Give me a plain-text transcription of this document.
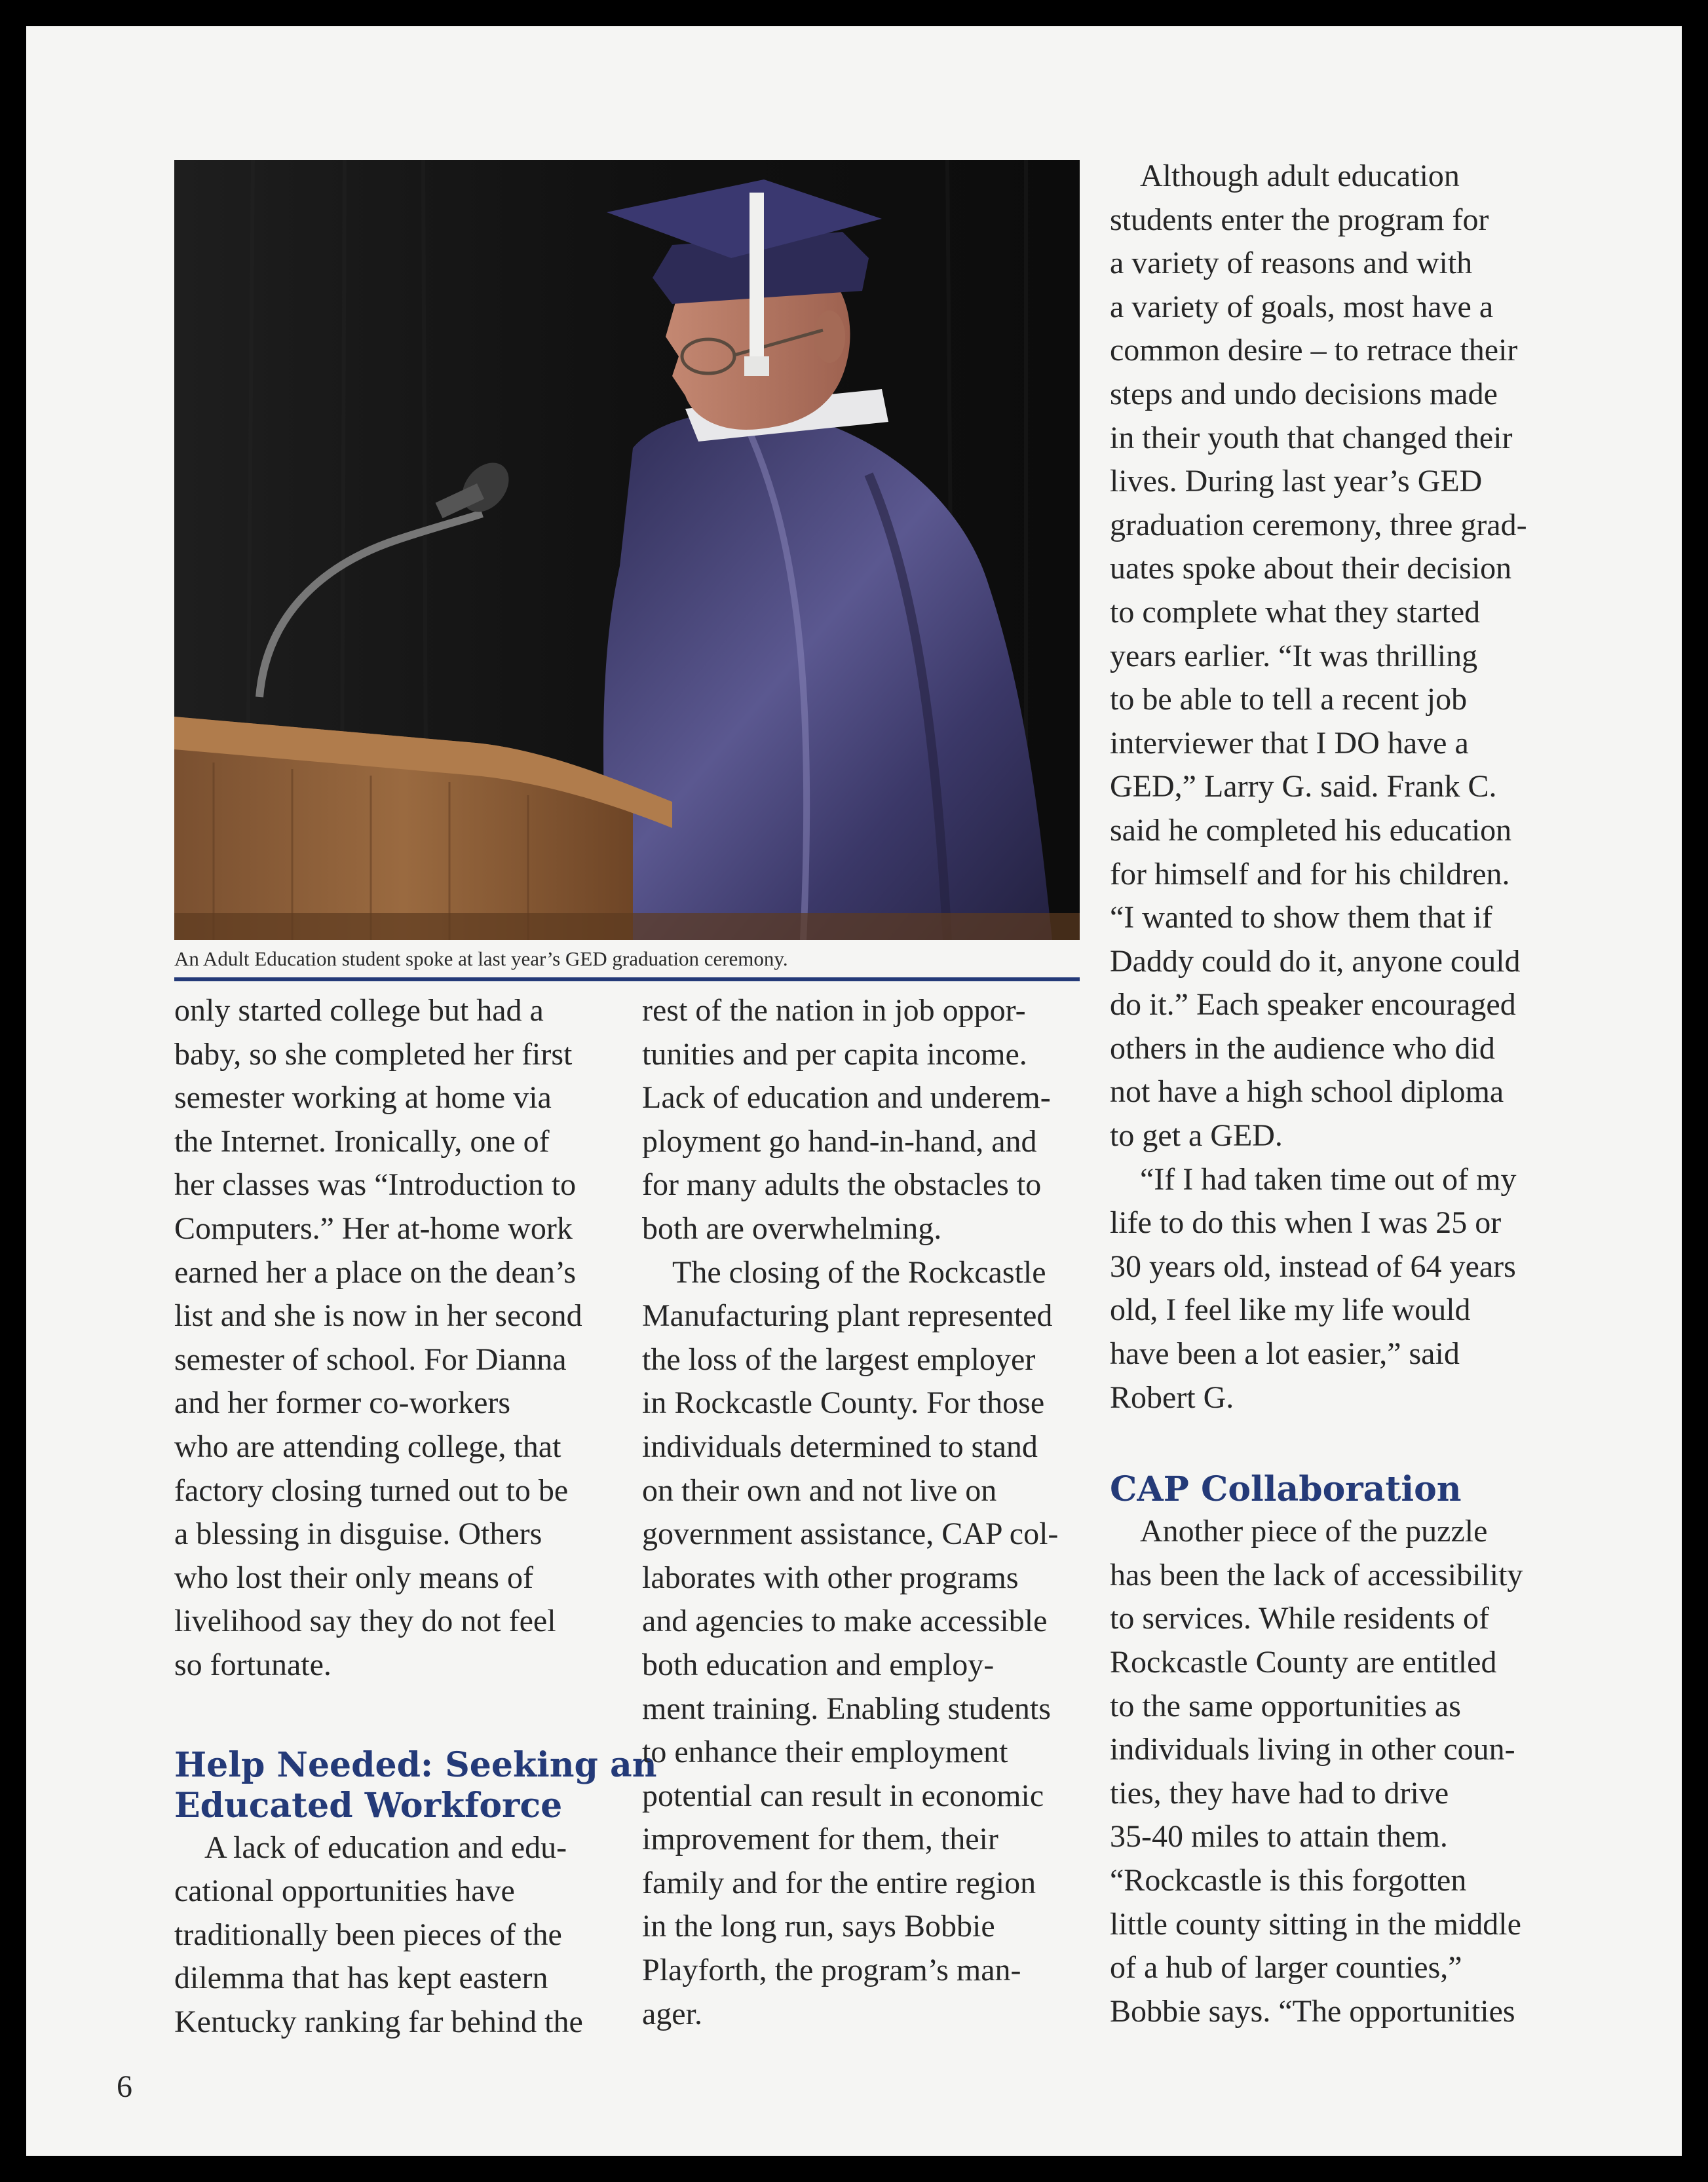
An Adult Education student spoke at last year’s GED graduation ceremony.

only started college but had a
baby, so she completed her first
semester working at home via
the Internet. Ironically, one of
her classes was “Introduction to
Computers.” Her at-home work
earned her a place on the dean’s
list and she is now in her second
semester of school. For Dianna
and her former co-workers
who are attending college, that
factory closing turned out to be
a blessing in disguise. Others
who lost their only means of
livelihood say they do not feel
so fortunate.

Help Needed: Seeking an
Educated Workforce

A lack of education and edu-
cational opportunities have
traditionally been pieces of the
dilemma that has kept eastern
Kentucky ranking far behind the

rest of the nation in job oppor-
tunities and per capita income.
Lack of education and underem-
ployment go hand-in-hand, and
for many adults the obstacles to
both are overwhelming.

The closing of the Rockcastle
Manufacturing plant represented
the loss of the largest employer
in Rockcastle County. For those
individuals determined to stand
on their own and not live on
government assistance, CAP col-
laborates with other programs
and agencies to make accessible
both education and employ-
ment training. Enabling students
to enhance their employment
potential can result in economic
improvement for them, their
family and for the entire region
in the long run, says Bobbie
Playforth, the program’s man-
ager.

Although adult education
students enter the program for
a variety of reasons and with
a variety of goals, most have a
common desire – to retrace their
steps and undo decisions made
in their youth that changed their
lives. During last year’s GED
graduation ceremony, three grad-
uates spoke about their decision
to complete what they started
years earlier. “It was thrilling
to be able to tell a recent job
interviewer that I DO have a
GED,” Larry G. said. Frank C.
said he completed his education
for himself and for his children.
“I wanted to show them that if
Daddy could do it, anyone could
do it.” Each speaker encouraged
others in the audience who did
not have a high school diploma
to get a GED.

“If I had taken time out of my
life to do this when I was 25 or
30 years old, instead of 64 years
old, I feel like my life would
have been a lot easier,” said
Robert G.

CAP Collaboration

Another piece of the puzzle
has been the lack of accessibility
to services. While residents of
Rockcastle County are entitled
to the same opportunities as
individuals living in other coun-
ties, they have had to drive
35-40 miles to attain them.
“Rockcastle is this forgotten
little county sitting in the middle
of a hub of larger counties,”
Bobbie says. “The opportunities

6
